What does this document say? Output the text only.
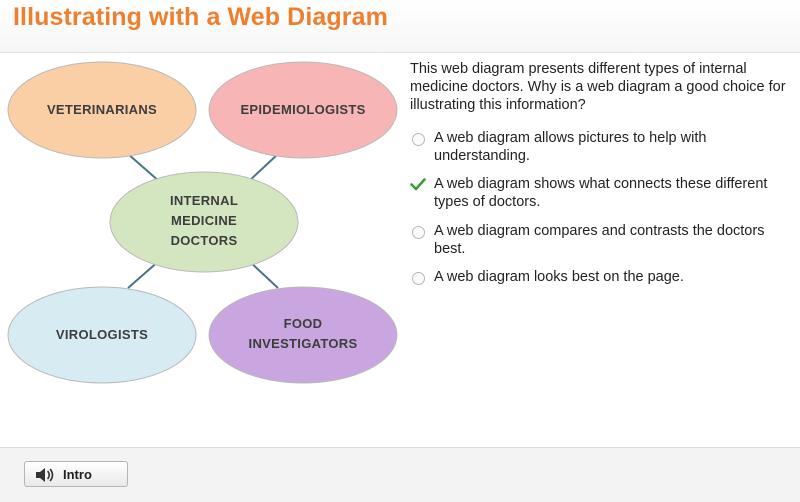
Illustrating with a Web Diagram
VETERINARIANS	EPIDEMIOLOGISTS
INTERNAL
MEDICINE
DOCTORS
VIROLOGISTS
FOOD
INVESTIGATORS
This web diagram presents different types of internal medicine doctors. Why is a web diagram a good choice for illustrating this information?
A web diagram allows pictures to help with understanding.
A web diagram shows what connects these different types of doctors.
A web diagram compares and contrasts the doctors best.
A web diagram looks best on the page.
Intro
